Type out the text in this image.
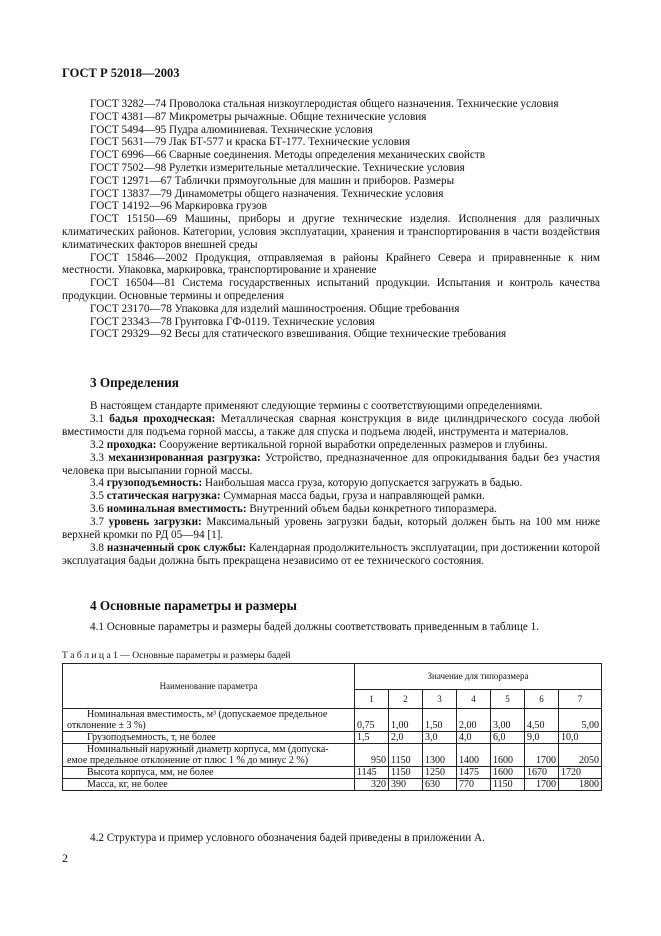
ГОСТ Р 52018—2003

ГОСТ 3282—74 Проволока стальная низкоуглеродистая общего назначения. Технические условия

ГОСТ 4381—87 Микрометры рычажные. Общие технические условия

ГОСТ 5494—95 Пудра алюминиевая. Технические условия

ГОСТ 5631—79 Лак БТ-577 и краска БТ-177. Технические условия

ГОСТ 6996—66 Сварные соединения. Методы определения механических свойств

ГОСТ 7502—98 Рулетки измерительные металлические. Технические условия

ГОСТ 12971—67 Таблички прямоугольные для машин и приборов. Размеры

ГОСТ 13837—79 Динамометры общего назначения. Технические условия

ГОСТ 14192—96 Маркировка грузов

ГОСТ 15150—69 Машины, приборы и другие технические изделия. Исполнения для различных климатических районов. Категории, условия эксплуатации, хранения и транспортирования в части воздействия климатических факторов внешней среды

ГОСТ 15846—2002 Продукция, отправляемая в районы Крайнего Севера и приравненные к ним местности. Упаковка, маркировка, транспортирование и хранение

ГОСТ 16504—81 Система государственных испытаний продукции. Испытания и контроль качества продукции. Основные термины и определения

ГОСТ 23170—78 Упаковка для изделий машиностроения. Общие требования

ГОСТ 23343—78 Грунтовка ГФ-0119. Технические условия

ГОСТ 29329—92 Весы для статического взвешивания. Общие технические требования

3 Определения

В настоящем стандарте применяют следующие термины с соответствующими определениями.

3.1 бадья проходческая: Металлическая сварная конструкция в виде цилиндрического сосуда любой вместимости для подъема горной массы, а также для спуска и подъема людей, инструмента и материалов.

3.2 проходка: Сооружение вертикальной горной выработки определенных размеров и глубины.

3.3 механизированная разгрузка: Устройство, предназначенное для опрокидывания бадьи без участия человека при высыпании горной массы.

3.4 грузоподъемность: Наибольшая масса груза, которую допускается загружать в бадью.

3.5 статическая нагрузка: Суммарная масса бадьи, груза и направляющей рамки.

3.6 номинальная вместимость: Внутренний объем бадьи конкретного типоразмера.

3.7 уровень загрузки: Максимальный уровень загрузки бадьи, который должен быть на 100 мм ниже верхней кромки по РД 05—94 [1].

3.8 назначенный срок службы: Календарная продолжительность эксплуатации, при достижении которой эксплуатация бадьи должна быть прекращена независимо от ее технического состояния.

4 Основные параметры и размеры
4.1 Основные параметры и размеры бадей должны соответствовать приведенным в таблице 1.
Т а б л и ц а 1 — Основные параметры и размеры бадей
Наименование параметра	Значение для типоразмера						
	1	2	3	4	5	6	7

Номинальная вместимость, м³ (допускаемое предельное
отклонение ± 3 %)	0,75	1,00	1,50	2,00	3,00	4,50	5,00

Грузоподъемность, т, не более	1,5	2,0	3,0	4,0	6,0	9,0	10,0

Номинальный наружный диаметр корпуса, мм (допуска-
емое предельное отклонение от плюс 1 % до минус 2 %)	950	1150	1300	1400	1600	1700	2050

Высота корпуса, мм, не более	1145	1150	1250	1475	1600	1670	1720

Масса, кг, не более	320	390	630	770	1150	1700	1800
4.2 Структура и пример условного обозначения бадей приведены в приложении А.
2
